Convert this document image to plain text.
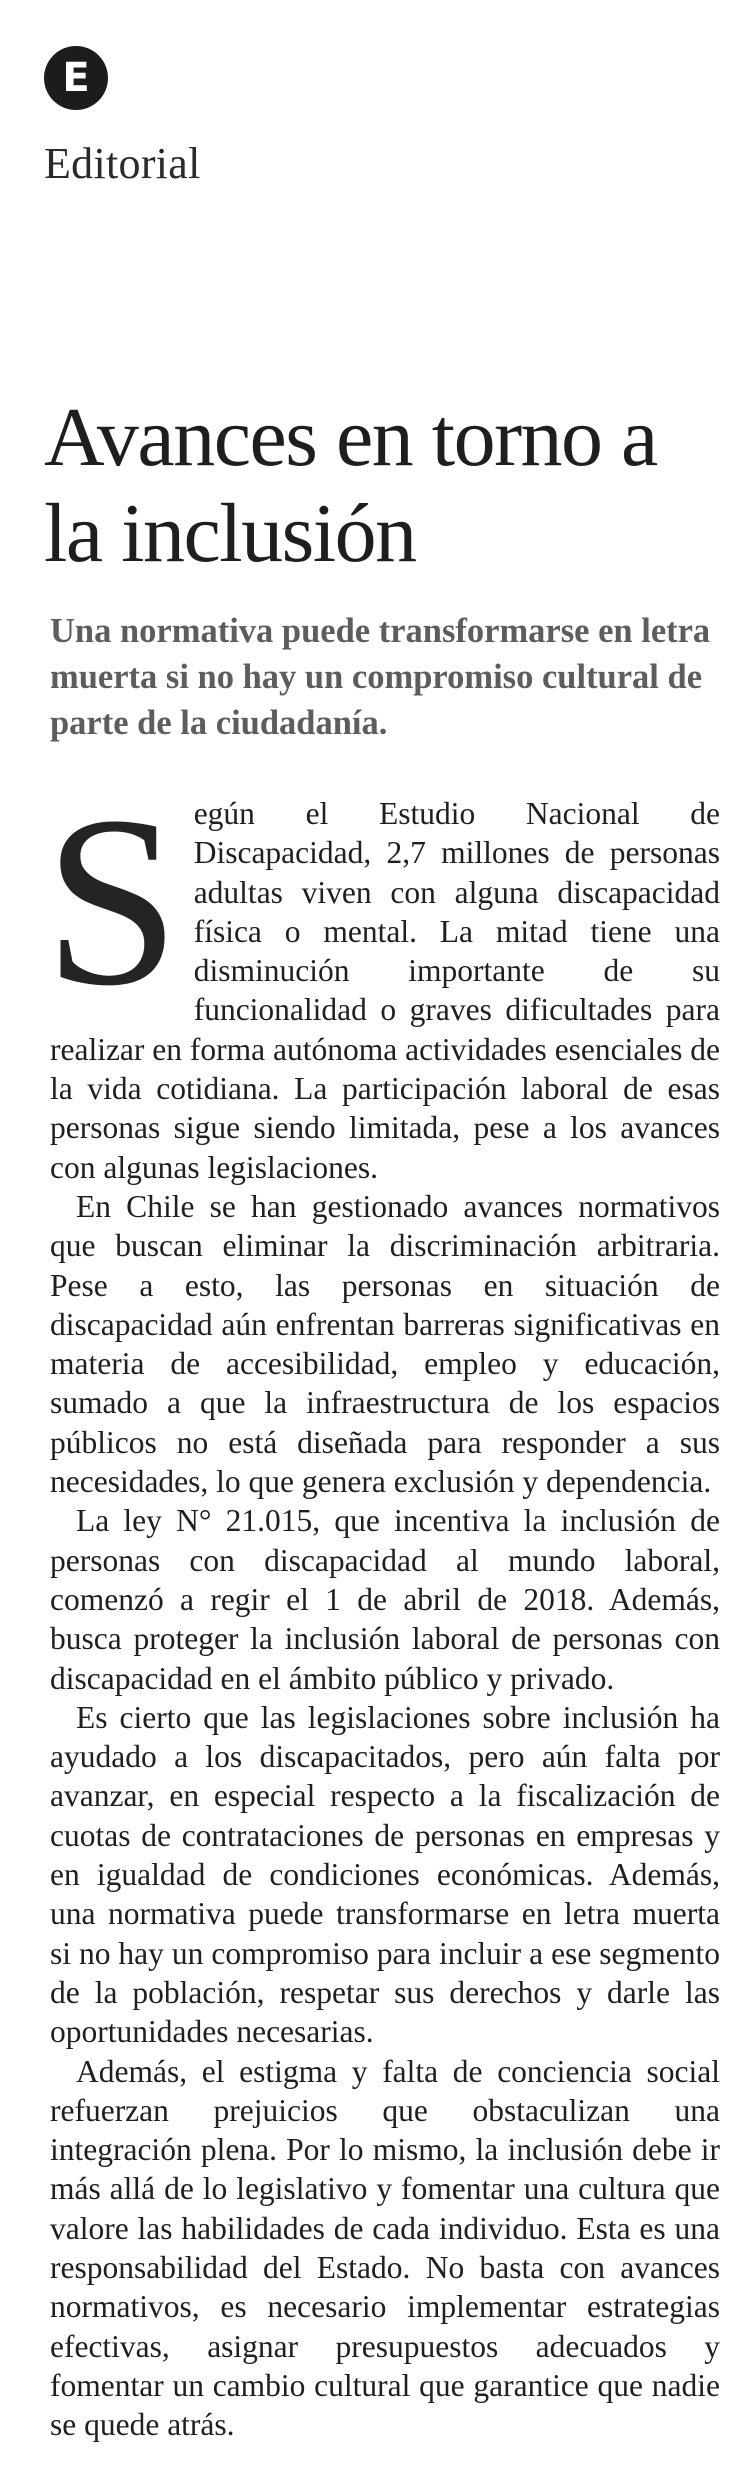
E
Editorial
Avances en torno a la inclusión

Una normativa puede transformarse en letra muerta si no hay un compromiso cultural de parte de la ciudadanía.

Según el Estudio Nacional de Discapacidad, 2,7 millones de personas adultas viven con alguna discapacidad física o mental. La mitad tiene una disminución importante de su funcionalidad o graves dificultades para realizar en forma autónoma actividades esenciales de la vida cotidiana. La participación laboral de esas personas sigue siendo limitada, pese a los avances con algunas legislaciones.

En Chile se han gestionado avances normativos que buscan eliminar la discriminación arbitraria. Pese a esto, las personas en situación de discapacidad aún enfrentan barreras significativas en materia de accesibilidad, empleo y educación, sumado a que la infraestructura de los espacios públicos no está diseñada para responder a sus necesidades, lo que genera exclusión y dependencia.

La ley N° 21.015, que incentiva la inclusión de personas con discapacidad al mundo laboral, comenzó a regir el 1 de abril de 2018. Además, busca proteger la inclusión laboral de personas con discapacidad en el ámbito público y privado.

Es cierto que las legislaciones sobre inclusión ha ayudado a los discapacitados, pero aún falta por avanzar, en especial respecto a la fiscalización de cuotas de contrataciones de personas en empresas y en igualdad de condiciones económicas. Además, una normativa puede transformarse en letra muerta si no hay un compromiso para incluir a ese segmento de la población, respetar sus derechos y darle las oportunidades necesarias.

Además, el estigma y falta de conciencia social refuerzan prejuicios que obstaculizan una integración plena. Por lo mismo, la inclusión debe ir más allá de lo legislativo y fomentar una cultura que valore las habilidades de cada individuo. Esta es una responsabilidad del Estado. No basta con avances normativos, es necesario implementar estrategias efectivas, asignar presupuestos adecuados y fomentar un cambio cultural que garantice que nadie se quede atrás.
